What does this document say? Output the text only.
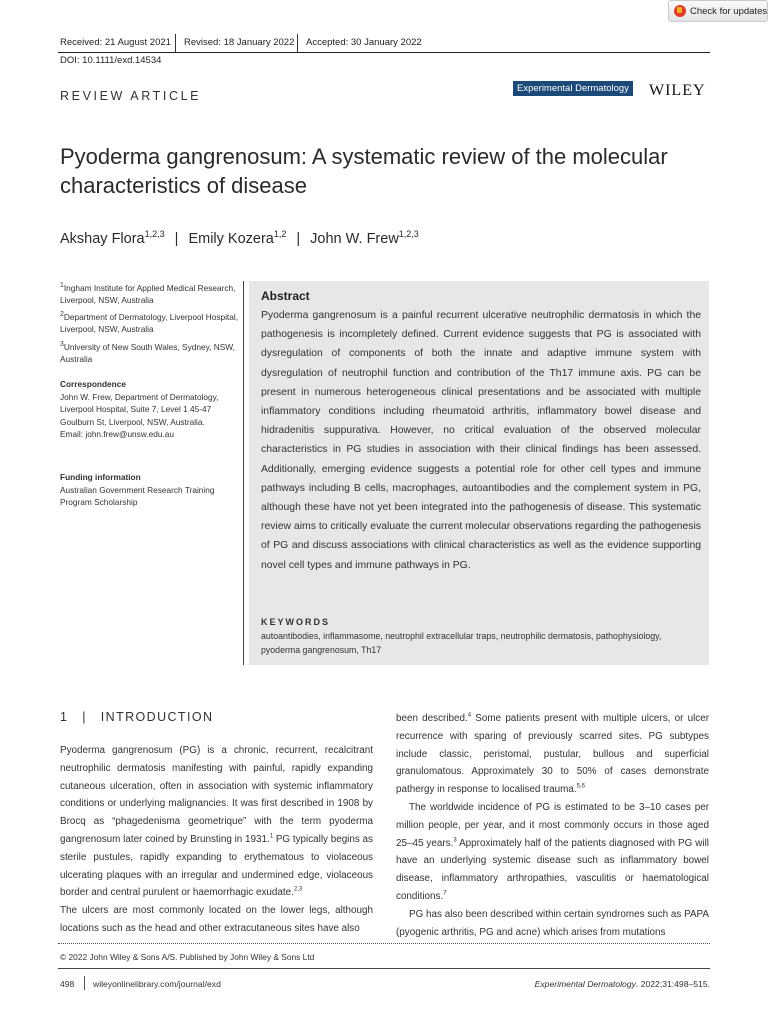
Check for updates
Received: 21 August 2021 Revised: 18 January 2022 Accepted: 30 January 2022
DOI: 10.1111/exd.14534
REVIEW ARTICLE
Experimental Dermatology WILEY
Pyoderma gangrenosum: A systematic review of the molecular characteristics of disease
Akshay Flora$^{1,2,3}$ | Emily Kozera$^{1,2}$ | John W. Frew$^{1,2,3}$
$^1$Ingham Institute for Applied Medical Research, Liverpool, NSW, Australia
$^2$Department of Dermatology, Liverpool Hospital, Liverpool, NSW, Australia
$^3$University of New South Wales, Sydney, NSW, Australia
Correspondence
John W. Frew, Department of Dermatology, Liverpool Hospital, Suite 7, Level 1 45-47 Goulburn St, Liverpool, NSW, Australia.
Email: john.frew@unsw.edu.au
Funding information
Australian Government Research Training Program Scholarship
Abstract
Pyoderma gangrenosum is a painful recurrent ulcerative neutrophilic dermatosis in which the pathogenesis is incompletely defined. Current evidence suggests that PG is associated with dysregulation of components of both the innate and adaptive immune system with dysregulation of neutrophil function and contribution of the Th17 immune axis. PG can be present in numerous heterogeneous clinical presentations and be associated with multiple inflammatory conditions including rheumatoid arthritis, inflammatory bowel disease and hidradenitis suppurativa. However, no critical evaluation of the observed molecular characteristics in PG studies in association with their clinical findings has been assessed. Additionally, emerging evidence suggests a potential role for other cell types and immune pathways including B cells, macrophages, autoantibodies and the complement system in PG, although these have not yet been integrated into the pathogenesis of disease. This systematic review aims to critically evaluate the current molecular observations regarding the pathogenesis of PG and discuss associations with clinical characteristics as well as the evidence supporting novel cell types and immune pathways in PG.
KEYWORDS
autoantibodies, inflammasome, neutrophil extracellular traps, neutrophilic dermatosis, pathophysiology, pyoderma gangrenosum, Th17
1 | INTRODUCTION

Pyoderma gangrenosum (PG) is a chronic, recurrent, recalcitrant neutrophilic dermatosis manifesting with painful, rapidly expanding cutaneous ulceration, often in association with systemic inflammatory conditions or underlying malignancies. It was first described in 1908 by Brocq as “phagedenisma geometrique” with the term pyoderma gangrenosum later coined by Brunsting in 1931.$^1$ PG typically begins as sterile pustules, rapidly expanding to erythematous to violaceous ulcerating plaques with an irregular and undermined edge, violaceous border and central purulent or haemorrhagic exudate.$^{2,3}$

The ulcers are most commonly located on the lower legs, although locations such as the head and other extracutaneous sites have also

been described.$^4$ Some patients present with multiple ulcers, or ulcer recurrence with sparing of previously scarred sites. PG subtypes include classic, peristomal, pustular, bullous and superficial granulomatous. Approximately 30 to 50% of cases demonstrate pathergy in response to localised trauma.$^{5,6}$

The worldwide incidence of PG is estimated to be 3–10 cases per million people, per year, and it most commonly occurs in those aged 25–45 years.$^3$ Approximately half of the patients diagnosed with PG will have an underlying systemic disease such as inflammatory bowel disease, inflammatory arthropathies, vasculitis or haematological conditions.$^7$

PG has also been described within certain syndromes such as PAPA (pyogenic arthritis, PG and acne) which arises from mutations

© 2022 John Wiley & Sons A/S. Published by John Wiley & Sons Ltd
498 wileyonlinelibrary.com/journal/exd	Experimental Dermatology. 2022;31:498–515.
